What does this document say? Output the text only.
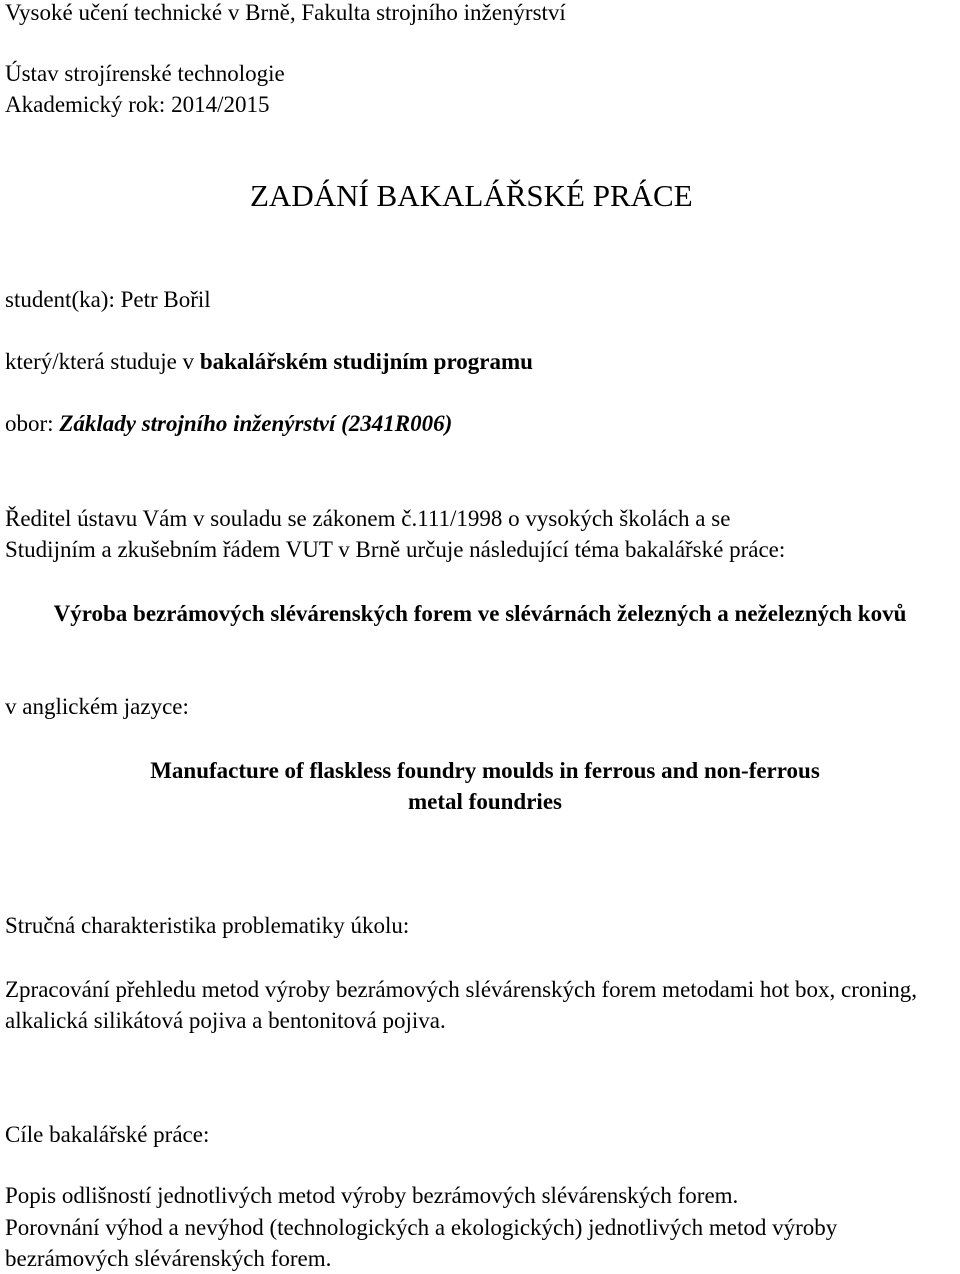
Vysoké učení technické v Brně, Fakulta strojního inženýrství
Ústav strojírenské technologie
Akademický rok: 2014/2015
ZADÁNÍ BAKALÁŘSKÉ PRÁCE
student(ka): Petr Bořil
který/která studuje v bakalářském studijním programu
obor: Základy strojního inženýrství (2341R006)
Ředitel ústavu Vám v souladu se zákonem č.111/1998 o vysokých školách a se
Studijním a zkušebním řádem VUT v Brně určuje následující téma bakalářské práce:
Výroba bezrámových slévárenských forem ve slévárnách železných a neželezných kovů
v anglickém jazyce:
Manufacture of flaskless foundry moulds in ferrous and non-ferrous metal foundries
Stručná charakteristika problematiky úkolu:
Zpracování přehledu metod výroby bezrámových slévárenských forem metodami hot box, croning, alkalická silikátová pojiva a bentonitová pojiva.
Cíle bakalářské práce:
Popis odlišností jednotlivých metod výroby bezrámových slévárenských forem.
Porovnání výhod a nevýhod (technologických a ekologických) jednotlivých metod výroby bezrámových slévárenských forem.
